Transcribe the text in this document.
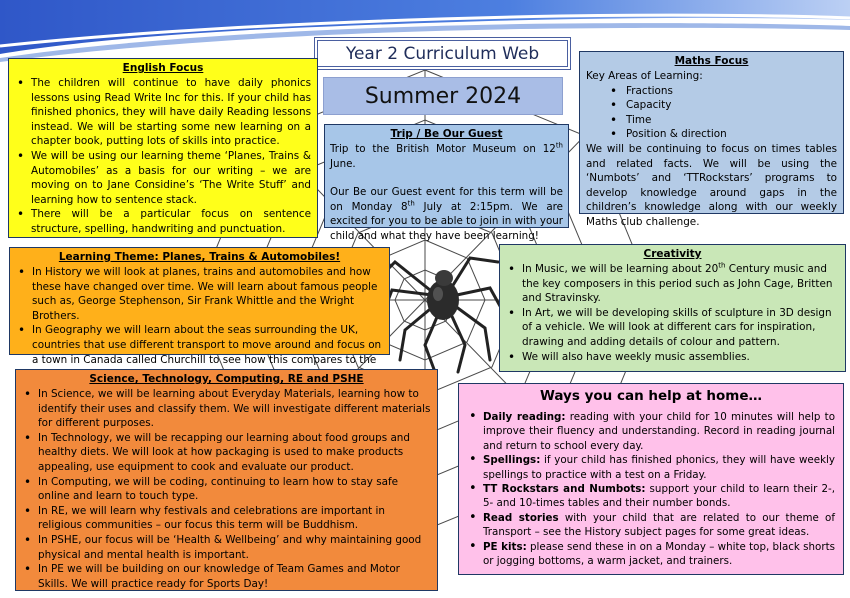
Year 2 Curriculum Web
Summer 2024
Trip / Be Our Guest

Trip to the British Motor Museum on 12th June.

Our Be our Guest event for this term will be on Monday 8th July at 2:15pm. We are excited for you to be able to join in with your child and what they have been learning!

English Focus
• The children will continue to have daily phonics lessons using Read Write Inc for this. If your child has finished phonics, they will have daily Reading lessons instead. We will be starting some new learning on a chapter book, putting lots of skills into practice.
• We will be using our learning theme ‘Planes, Trains & Automobiles’ as a basis for our writing – we are moving on to Jane Considine’s ‘The Write Stuff’ and learning how to sentence stack.
• There will be a particular focus on sentence structure, spelling, handwriting and punctuation.
Maths Focus

Key Areas of Learning:

• Fractions
• Capacity
• Time
• Position & direction

We will be continuing to focus on times tables and related facts. We will be using the ‘Numbots’ and ‘TTRockstars’ programs to develop knowledge around gaps in the children’s knowledge along with our weekly Maths club challenge.

Learning Theme: Planes, Trains & Automobiles!
• In History we will look at planes, trains and automobiles and how these have changed over time. We will learn about famous people such as, George Stephenson, Sir Frank Whittle and the Wright Brothers.
• In Geography we will learn about the seas surrounding the UK, countries that use different transport to move around and focus on a town in Canada called Churchill to see how this compares to the
Creativity
• In Music, we will be learning about 20th Century music and the key composers in this period such as John Cage, Britten and Stravinsky.
• In Art, we will be developing skills of sculpture in 3D design of a vehicle. We will look at different cars for inspiration, drawing and adding details of colour and pattern.
• We will also have weekly music assemblies.
Science, Technology, Computing, RE and PSHE
• In Science, we will be learning about Everyday Materials, learning how to identify their uses and classify them. We will investigate different materials for different purposes.
• In Technology, we will be recapping our learning about food groups and healthy diets. We will look at how packaging is used to make products appealing, use equipment to cook and evaluate our product.
• In Computing, we will be coding, continuing to learn how to stay safe online and learn to touch type.
• In RE, we will learn why festivals and celebrations are important in religious communities – our focus this term will be Buddhism.
• In PSHE, our focus will be ‘Health & Wellbeing’ and why maintaining good physical and mental health is important.
• In PE we will be building on our knowledge of Team Games and Motor Skills. We will practice ready for Sports Day!
Ways you can help at home…
• Daily reading: reading with your child for 10 minutes will help to improve their fluency and understanding. Record in reading journal and return to school every day.
• Spellings: if your child has finished phonics, they will have weekly spellings to practice with a test on a Friday.
• TT Rockstars and Numbots: support your child to learn their 2-, 5- and 10-times tables and their number bonds.
• Read stories with your child that are related to our theme of Transport – see the History subject pages for some great ideas.
• PE kits: please send these in on a Monday – white top, black shorts or jogging bottoms, a warm jacket, and trainers.
